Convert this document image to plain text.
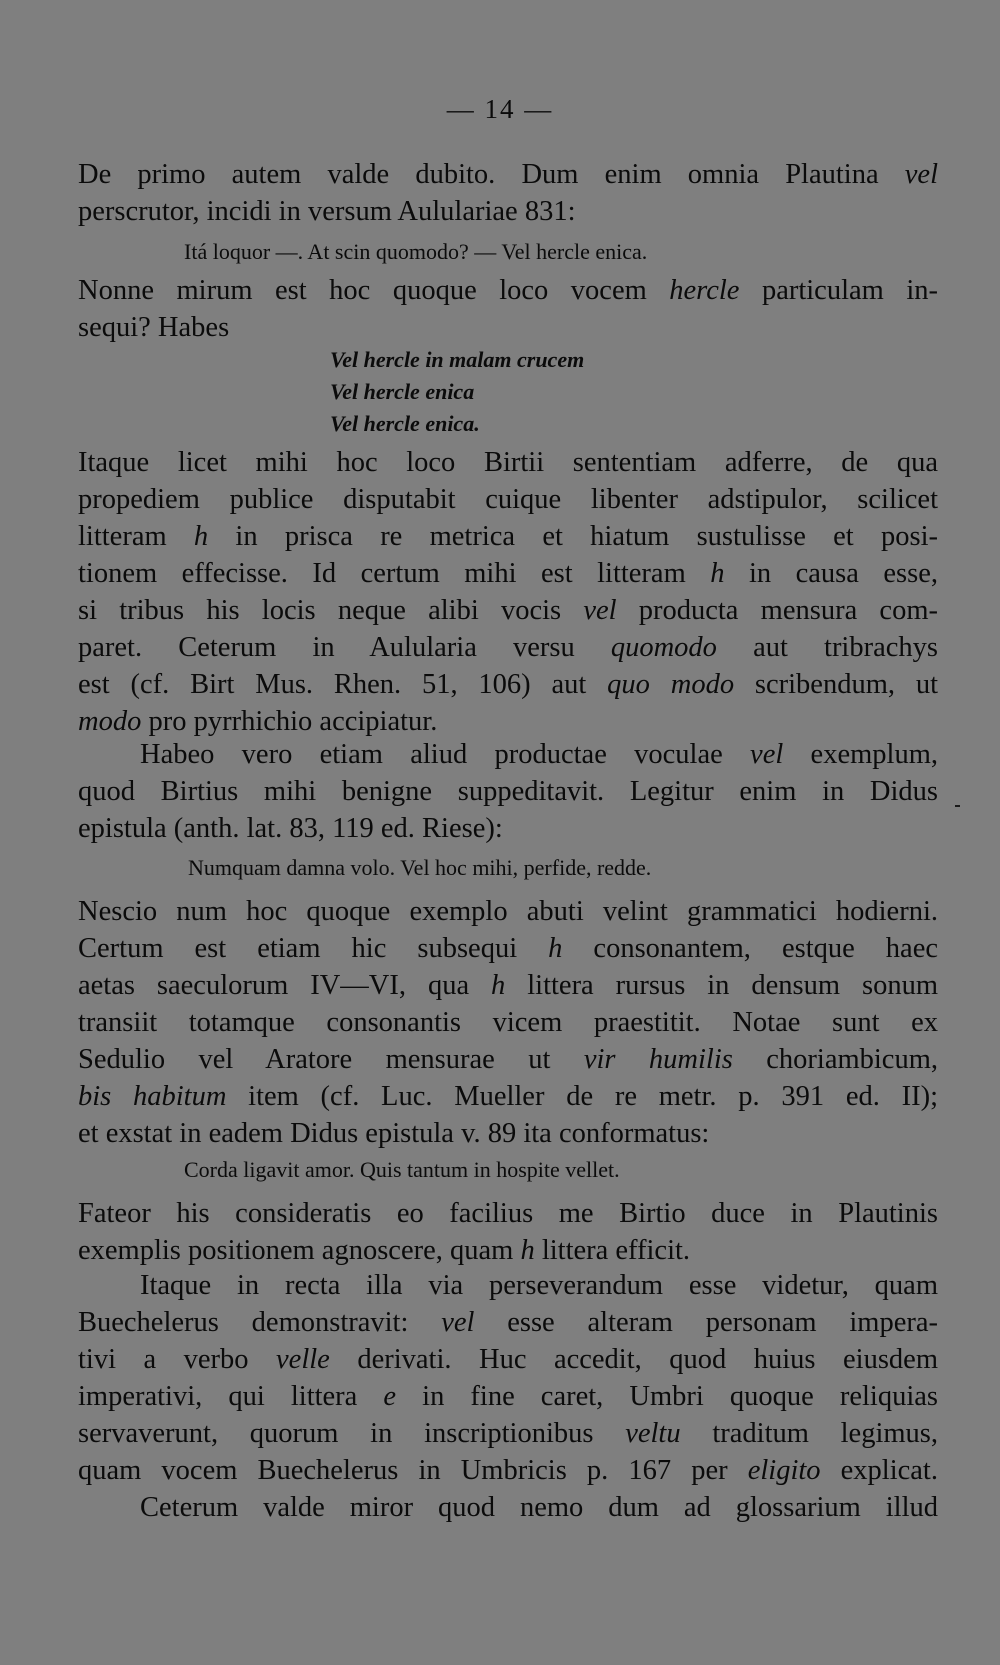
— 14 —
De primo autem valde dubito. Dum enim omnia Plautina vel
perscrutor, incidi in versum Aululariae 831:
Itá loquor —. At scin quomodo? — Vel hercle enica.
Nonne mirum est hoc quoque loco vocem hercle particulam in-
sequi? Habes
Vel hercle in malam crucem
Vel hercle enica
Vel hercle enica.
Itaque licet mihi hoc loco Birtii sententiam adferre, de qua
propediem publice disputabit cuique libenter adstipulor, scilicet
litteram h in prisca re metrica et hiatum sustulisse et posi-
tionem effecisse. Id certum mihi est litteram h in causa esse,
si tribus his locis neque alibi vocis vel producta mensura com-
paret. Ceterum in Aulularia versu quomodo aut tribrachys
est (cf. Birt Mus. Rhen. 51, 106) aut quo modo scribendum, ut
modo pro pyrrhichio accipiatur.
Habeo vero etiam aliud productae voculae vel exemplum,
quod Birtius mihi benigne suppeditavit. Legitur enim in Didus
epistula (anth. lat. 83, 119 ed. Riese):
Numquam damna volo. Vel hoc mihi, perfide, redde.
Nescio num hoc quoque exemplo abuti velint grammatici hodierni.
Certum est etiam hic subsequi h consonantem, estque haec
aetas saeculorum IV—VI, qua h littera rursus in densum sonum
transiit totamque consonantis vicem praestitit. Notae sunt ex
Sedulio vel Aratore mensurae ut vir humilis choriambicum,
bis habitum item (cf. Luc. Mueller de re metr. p. 391 ed. II);
et exstat in eadem Didus epistula v. 89 ita conformatus:
Corda ligavit amor. Quis tantum in hospite vellet.
Fateor his consideratis eo facilius me Birtio duce in Plautinis
exemplis positionem agnoscere, quam h littera efficit.
Itaque in recta illa via perseverandum esse videtur, quam
Buechelerus demonstravit: vel esse alteram personam impera-
tivi a verbo velle derivati. Huc accedit, quod huius eiusdem
imperativi, qui littera e in fine caret, Umbri quoque reliquias
servaverunt, quorum in inscriptionibus veltu traditum legimus,
quam vocem Buechelerus in Umbricis p. 167 per eligito explicat.
Ceterum valde miror quod nemo dum ad glossarium illud
